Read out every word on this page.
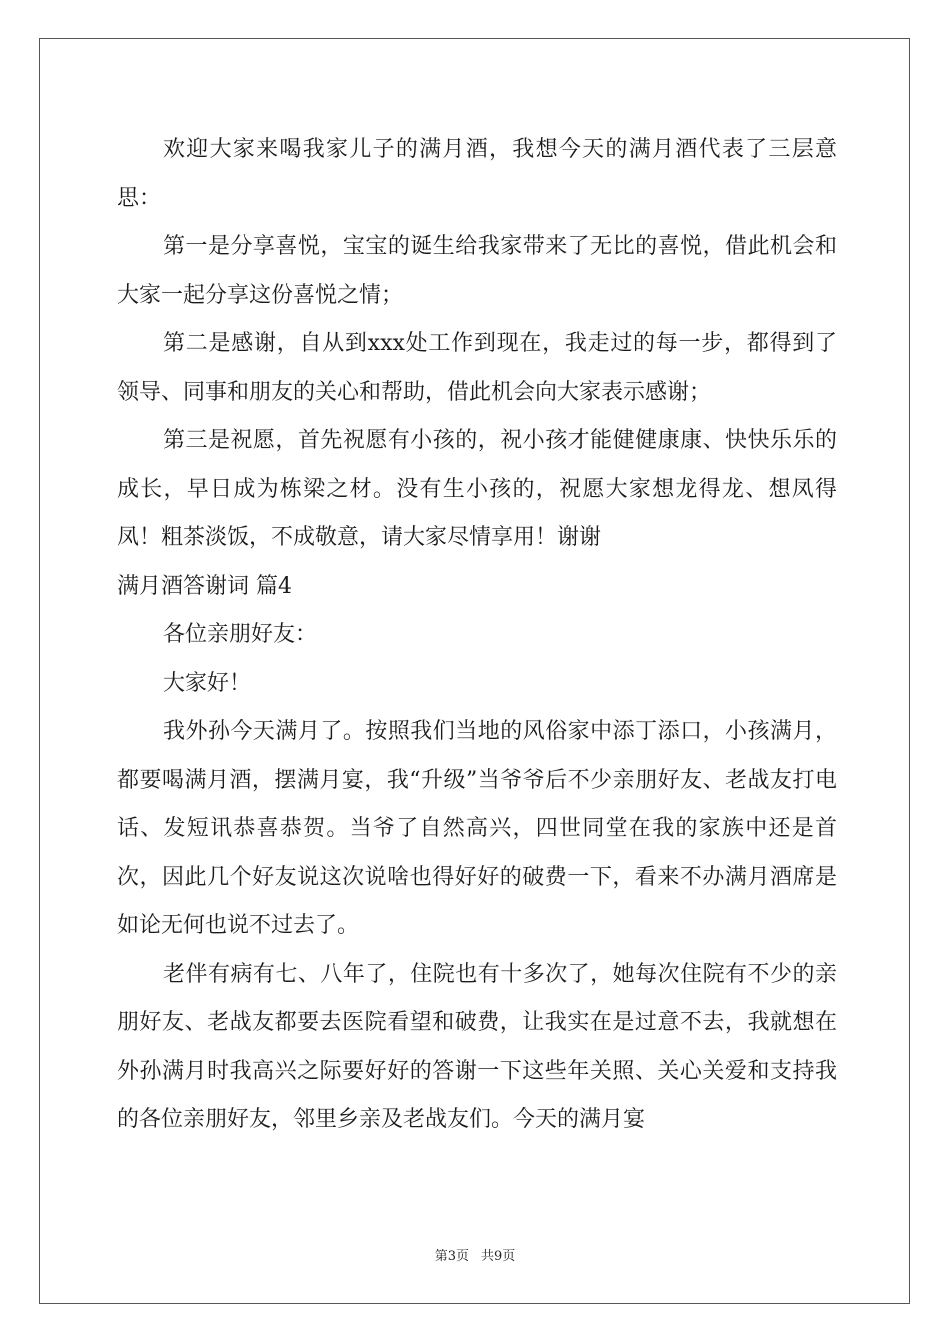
欢迎大家来喝我家儿子的满月酒，我想今天的满月酒代表了三层意思：

第一是分享喜悦，宝宝的诞生给我家带来了无比的喜悦，借此机会和大家一起分享这份喜悦之情；

第二是感谢，自从到xxx处工作到现在，我走过的每一步，都得到了领导、同事和朋友的关心和帮助，借此机会向大家表示感谢；

第三是祝愿，首先祝愿有小孩的，祝小孩才能健健康康、快快乐乐的成长，早日成为栋梁之材。没有生小孩的，祝愿大家想龙得龙、想凤得凤！粗茶淡饭，不成敬意，请大家尽情享用！谢谢

满月酒答谢词 篇4

各位亲朋好友：

大家好！

我外孙今天满月了。按照我们当地的风俗家中添丁添口，小孩满月，都要喝满月酒，摆满月宴，我“升级”当爷爷后不少亲朋好友、老战友打电话、发短讯恭喜恭贺。当爷了自然高兴，四世同堂在我的家族中还是首次，因此几个好友说这次说啥也得好好的破费一下，看来不办满月酒席是如论无何也说不过去了。

老伴有病有七、八年了，住院也有十多次了，她每次住院有不少的亲朋好友、老战友都要去医院看望和破费，让我实在是过意不去，我就想在外孙满月时我高兴之际要好好的答谢一下这些年关照、关心关爱和支持我的各位亲朋好友，邻里乡亲及老战友们。今天的满月宴

第3页 共9页
